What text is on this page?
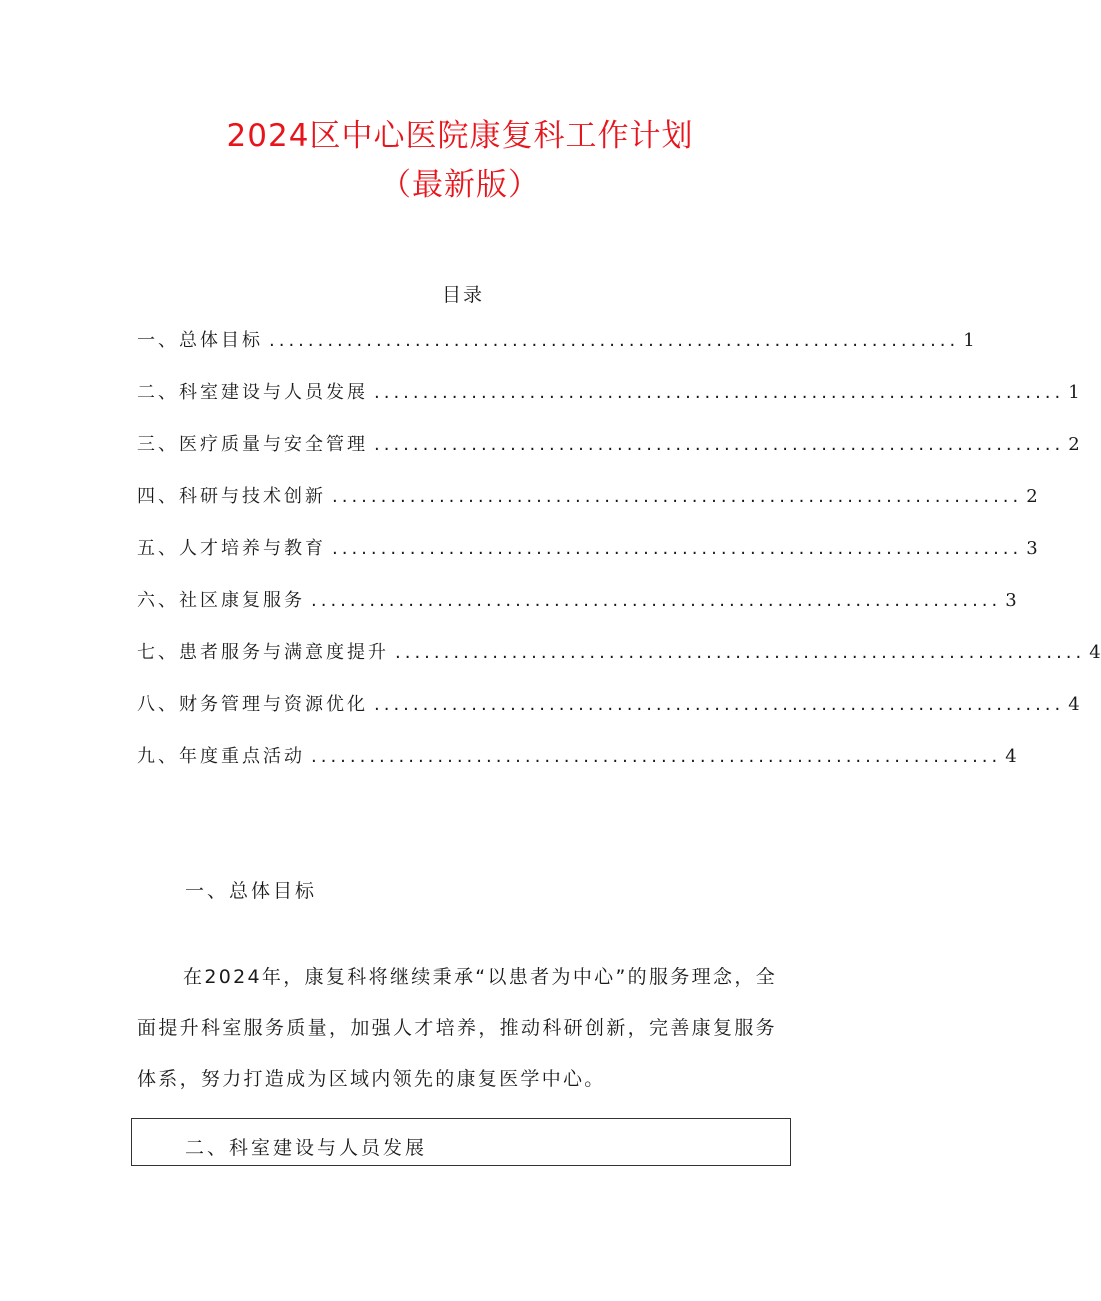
2024区中心医院康复科工作计划
（最新版）
目录
一、总体目标 ....................................................................... 1
二、科室建设与人员发展 ....................................................................... 1
三、医疗质量与安全管理 ....................................................................... 2
四、科研与技术创新 ....................................................................... 2
五、人才培养与教育 ....................................................................... 3
六、社区康复服务 ....................................................................... 3
七、患者服务与满意度提升 ....................................................................... 4
八、财务管理与资源优化 ....................................................................... 4
九、年度重点活动 ....................................................................... 4
一、总体目标

在2024年，康复科将继续秉承“以患者为中心”的服务理念，全面提升科室服务质量，加强人才培养，推动科研创新，完善康复服务体系，努力打造成为区域内领先的康复医学中心。

二、科室建设与人员发展
